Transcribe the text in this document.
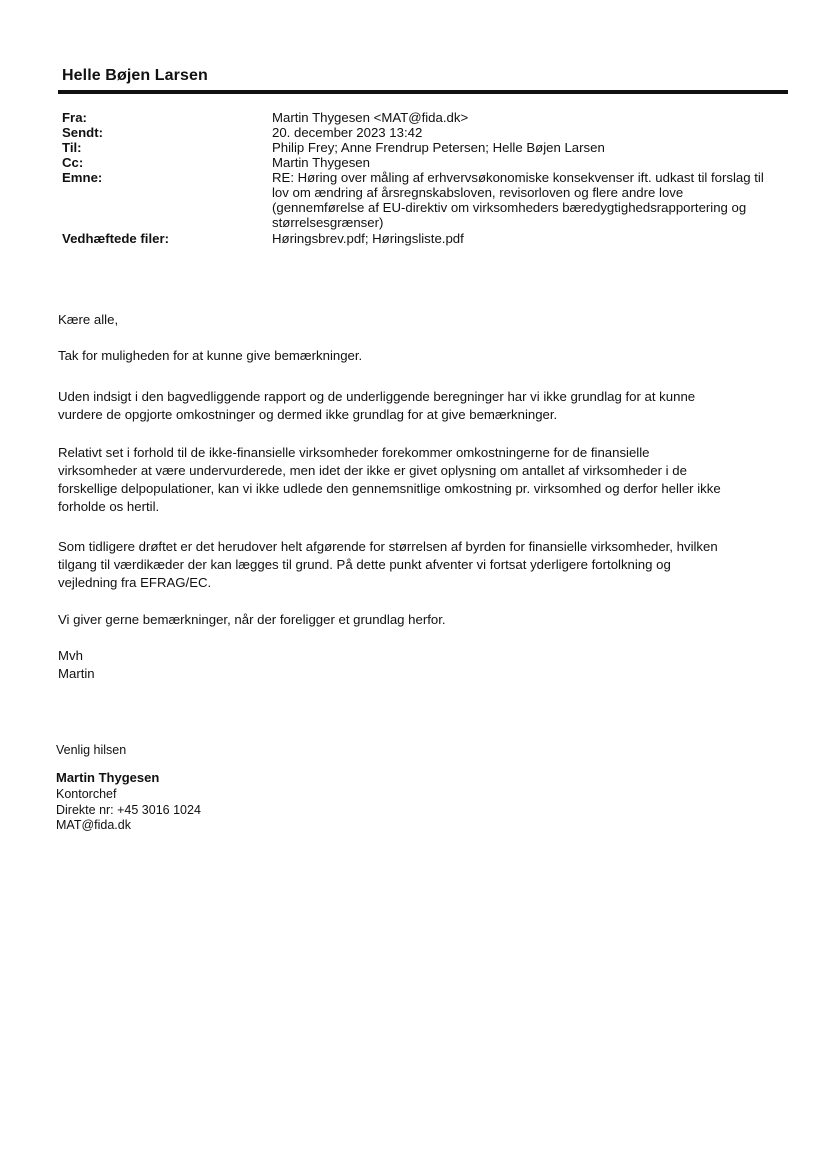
Helle Bøjen Larsen
Fra:	Martin Thygesen <MAT@fida.dk>
Sendt:	20. december 2023 13:42
Til:	Philip Frey; Anne Frendrup Petersen; Helle Bøjen Larsen
Cc:	Martin Thygesen
Emne:	RE: Høring over måling af erhvervsøkonomiske konsekvenser ift. udkast til forslag til
lov om ændring af årsregnskabsloven, revisorloven og flere andre love
(gennemførelse af EU-direktiv om virksomheders bæredygtighedsrapportering og
størrelsesgrænser)
Vedhæftede filer:	Høringsbrev.pdf; Høringsliste.pdf
Kære alle,
Tak for muligheden for at kunne give bemærkninger.

Uden indsigt i den bagvedliggende rapport og de underliggende beregninger har vi ikke grundlag for at kunne

vurdere de opgjorte omkostninger og dermed ikke grundlag for at give bemærkninger.

Relativt set i forhold til de ikke-finansielle virksomheder forekommer omkostningerne for de finansielle

virksomheder at være undervurderede, men idet der ikke er givet oplysning om antallet af virksomheder i de

forskellige delpopulationer, kan vi ikke udlede den gennemsnitlige omkostning pr. virksomhed og derfor heller ikke

forholde os hertil.

Som tidligere drøftet er det herudover helt afgørende for størrelsen af byrden for finansielle virksomheder, hvilken

tilgang til værdikæder der kan lægges til grund. På dette punkt afventer vi fortsat yderligere fortolkning og

vejledning fra EFRAG/EC.

Vi giver gerne bemærkninger, når der foreligger et grundlag herfor.

Mvh

Martin

Venlig hilsen
Martin Thygesen
Kontorchef
Direkte nr: +45 3016 1024
MAT@fida.dk
